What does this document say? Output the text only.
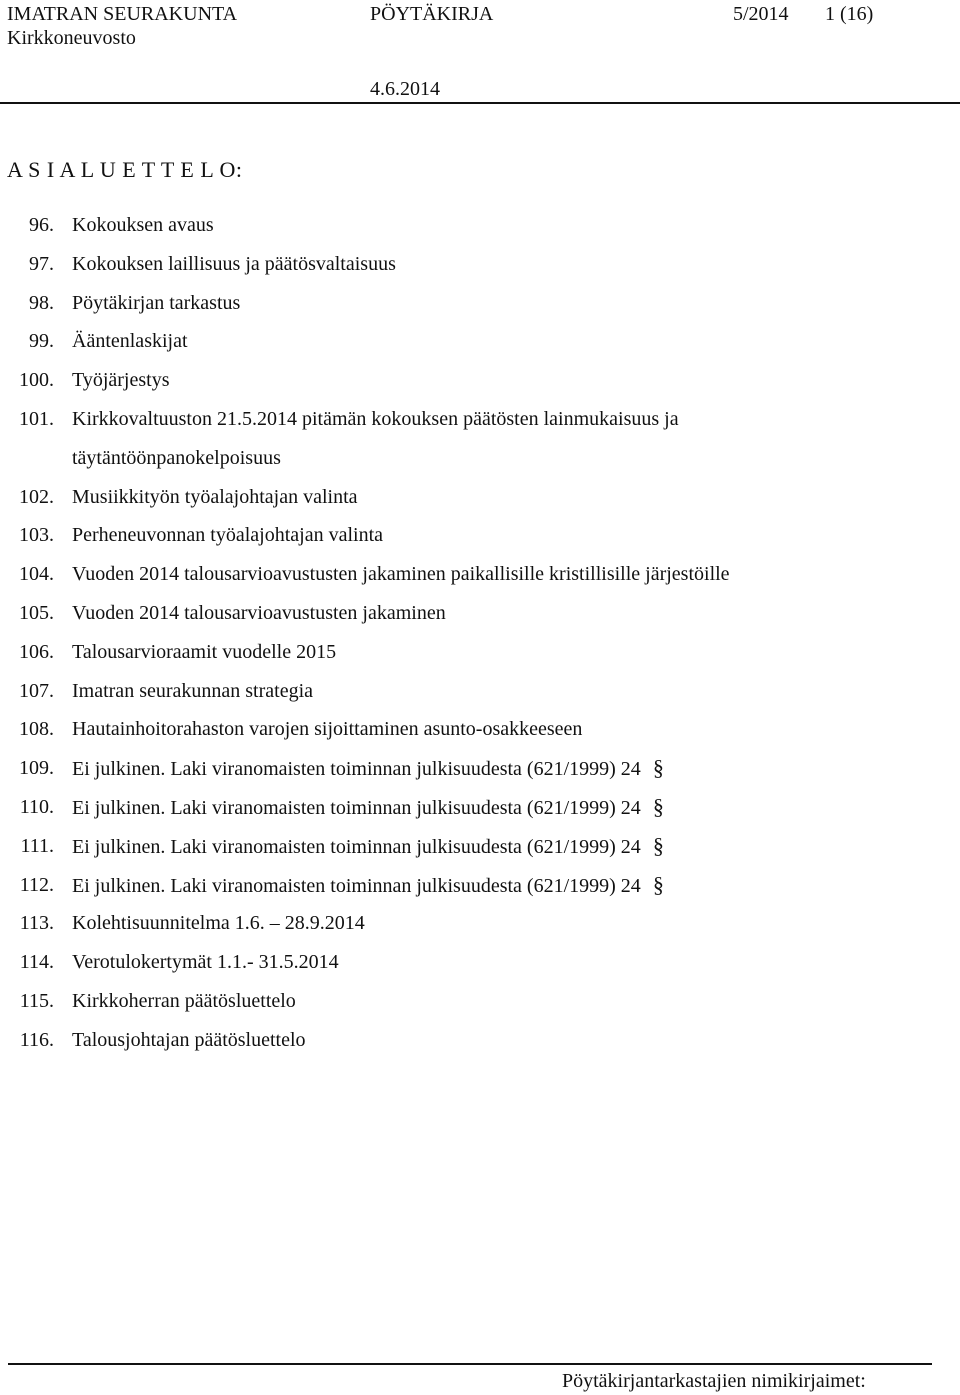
IMATRAN SEURAKUNTA	PÖYTÄKIRJA	5/2014 1 (16)
Kirkkoneuvosto
4.6.2014
A S I A L U E T T E L O:
96. Kokouksen avaus
97. Kokouksen laillisuus ja päätösvaltaisuus
98. Pöytäkirjan tarkastus
99. Ääntenlaskijat
100. Työjärjestys
101. Kirkkovaltuuston 21.5.2014 pitämän kokouksen päätösten lainmukaisuus ja täytäntöönpanokelpoisuus
102. Musiikkityön työalajohtajan valinta
103. Perheneuvonnan työalajohtajan valinta
104. Vuoden 2014 talousarvioavustusten jakaminen paikallisille kristillisille järjestöille
105. Vuoden 2014 talousarvioavustusten jakaminen
106. Talousarvioraamit vuodelle 2015
107. Imatran seurakunnan strategia
108. Hautainhoitorahaston varojen sijoittaminen asunto-osakkeeseen
109. Ei julkinen. Laki viranomaisten toiminnan julkisuudesta (621/1999) 24 §
110. Ei julkinen. Laki viranomaisten toiminnan julkisuudesta (621/1999) 24 §
111. Ei julkinen. Laki viranomaisten toiminnan julkisuudesta (621/1999) 24 §
112. Ei julkinen. Laki viranomaisten toiminnan julkisuudesta (621/1999) 24 §
113. Kolehtisuunnitelma 1.6. – 28.9.2014
114. Verotulokertymät 1.1.- 31.5.2014
115. Kirkkoherran päätösluettelo
116. Talousjohtajan päätösluettelo
Pöytäkirjantarkastajien nimikirjaimet:
